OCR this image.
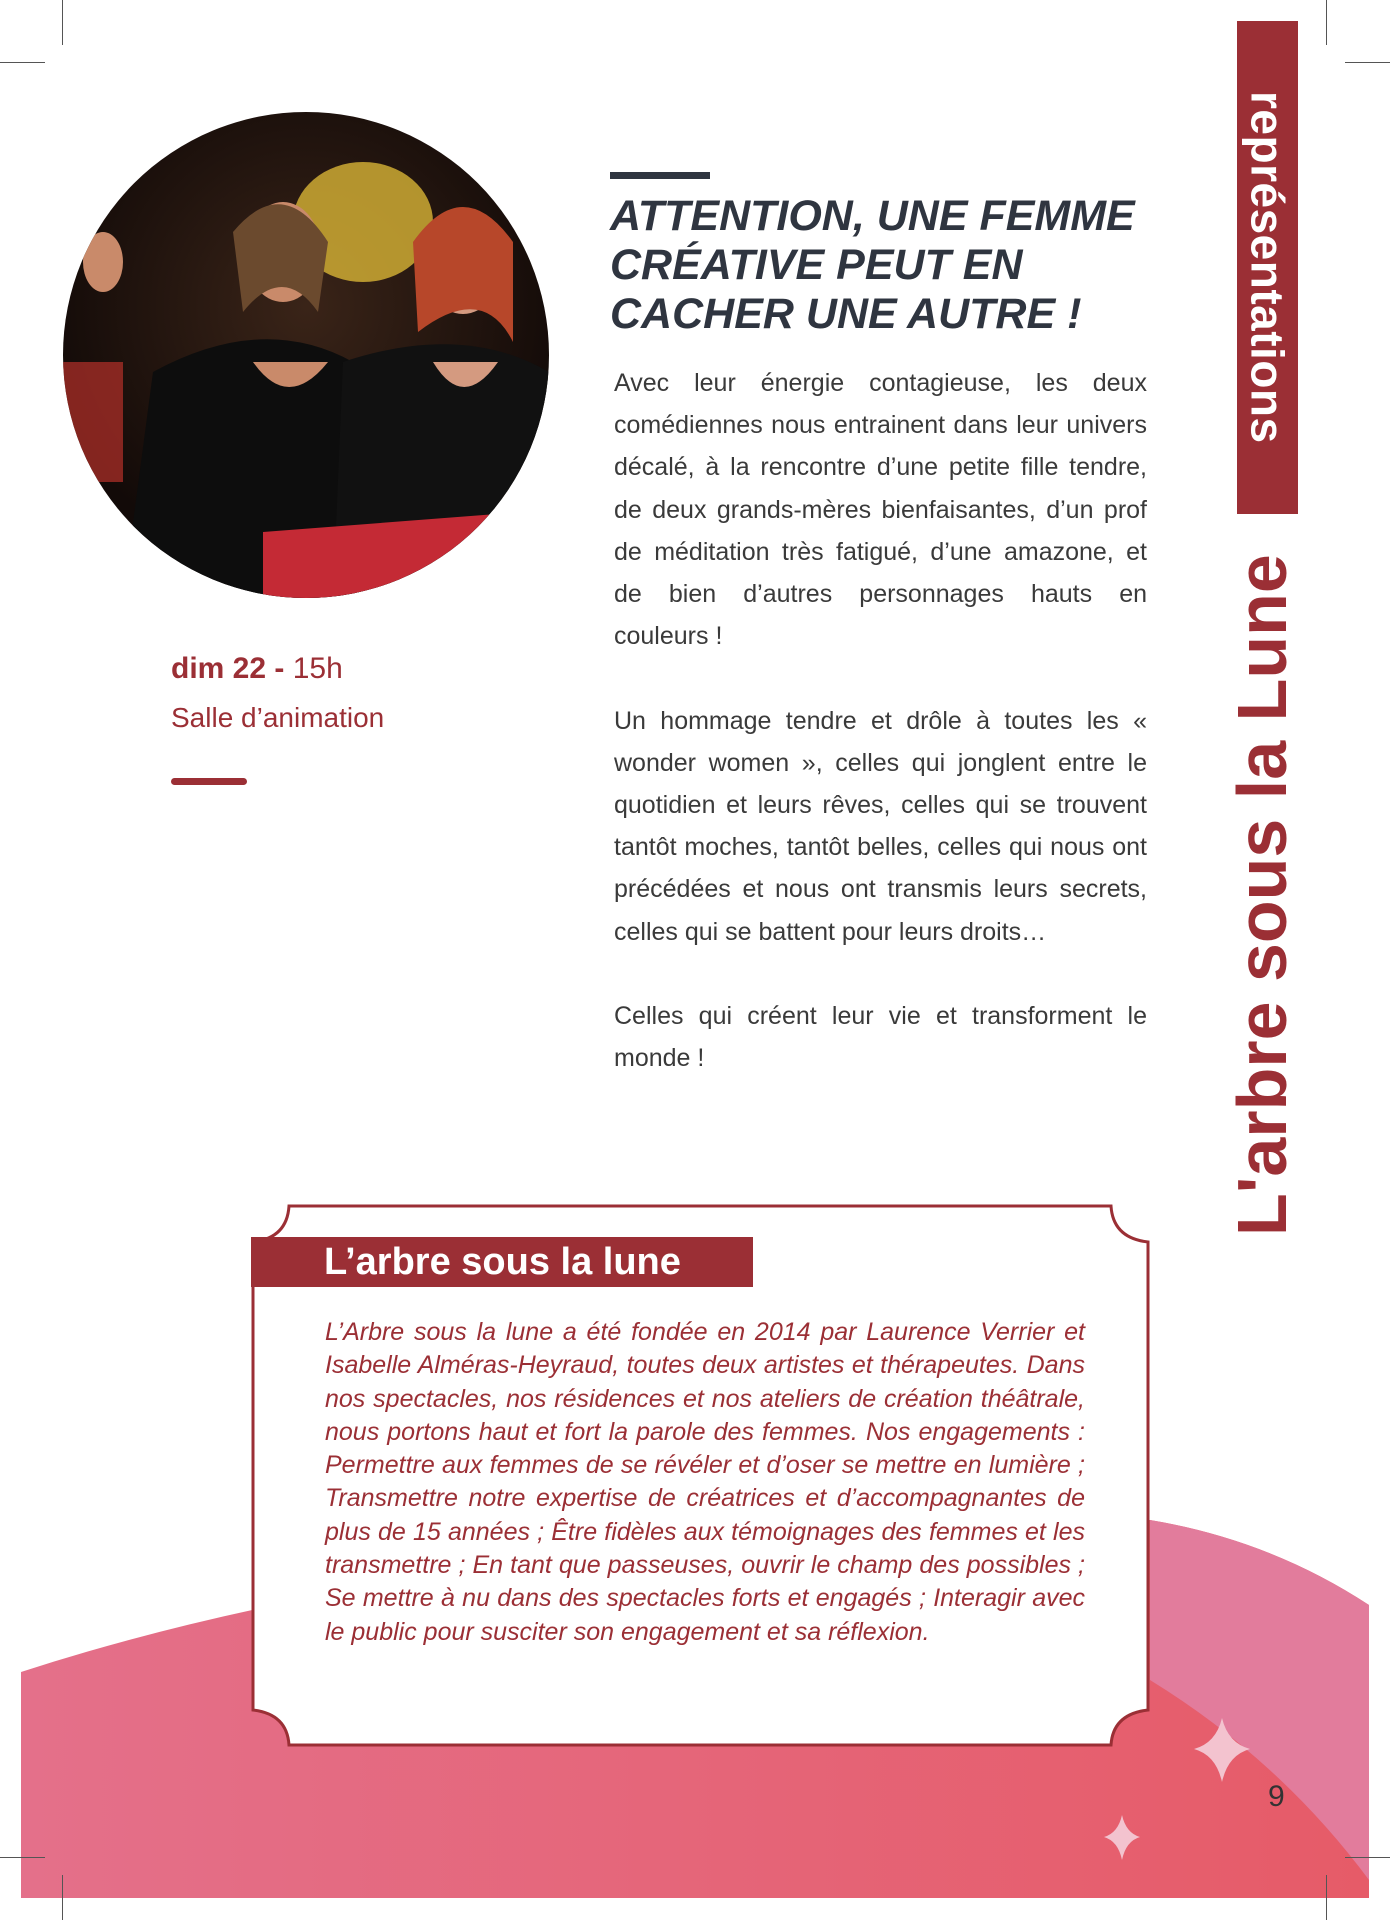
représentations
L'arbre sous la Lune
ATTENTION, UNE FEMME CRÉATIVE PEUT EN CACHER UNE AUTRE !

Avec leur énergie contagieuse, les deux comédiennes nous entrainent dans leur univers décalé, à la rencontre d’une petite fille tendre, de deux grands-mères bienfaisantes, d’un prof de méditation très fatigué, d’une amazone, et de bien d’autres personnages hauts en couleurs !

Un hommage tendre et drôle à toutes les « wonder women », celles qui jonglent entre le quotidien et leurs rêves, celles qui se trouvent tantôt moches, tantôt belles, celles qui nous ont précédées et nous ont transmis leurs secrets, celles qui se battent pour leurs droits…

Celles qui créent leur vie et transforment le monde !

dim 22 - 15h
Salle d’animation
L’arbre sous la lune
L’Arbre sous la lune a été fondée en 2014 par Laurence Verrier et Isabelle Alméras-Heyraud, toutes deux artistes et thérapeutes. Dans nos spectacles, nos résidences et nos ateliers de création théâtrale, nous portons haut et fort la parole des femmes. Nos engagements : Permettre aux femmes de se révéler et d’oser se mettre en lumière ; Transmettre notre expertise de créatrices et d’accompagnantes de plus de 15 années ; Être fidèles aux témoignages des femmes et les transmettre ; En tant que passeuses, ouvrir le champ des possibles ; Se mettre à nu dans des spectacles forts et engagés ; Interagir avec le public pour susciter son engagement et sa réflexion.
9
